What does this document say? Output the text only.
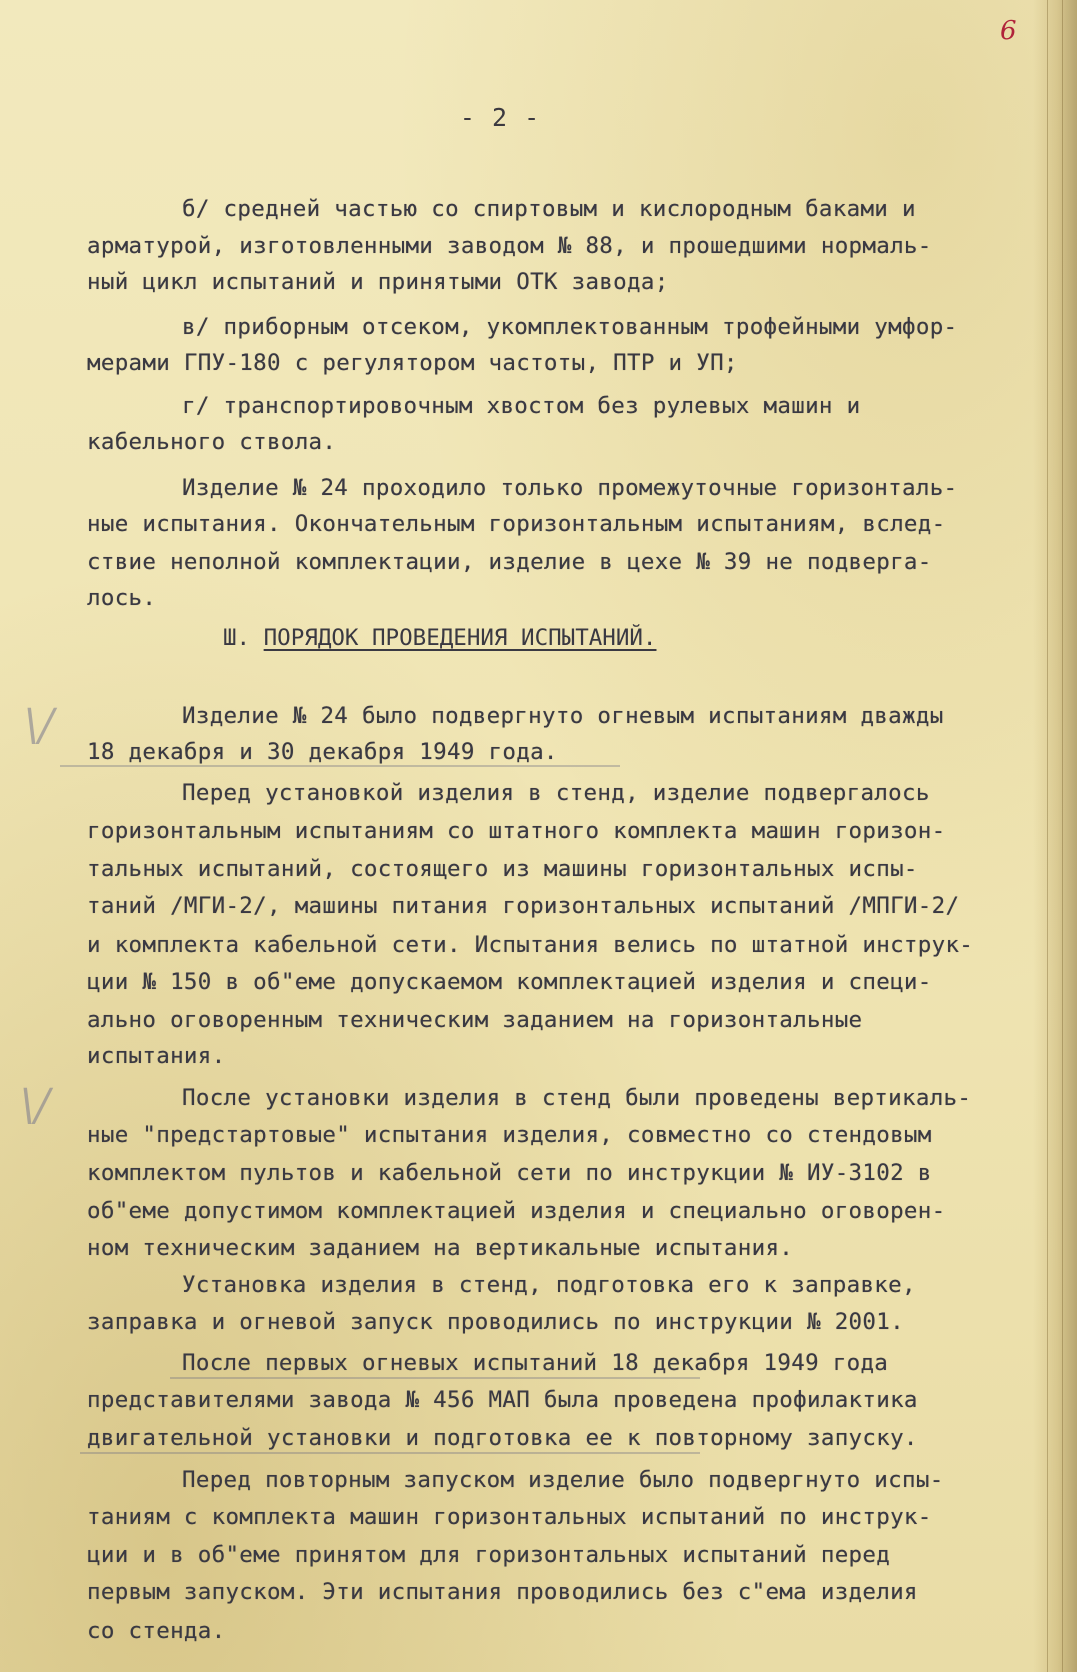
6
- 2 -
\/
\/
б/ средней частью со спиртовым и кислородным баками и
арматурой, изготовленными заводом № 88, и прошедшими нормаль-
ный цикл испытаний и принятыми ОТК завода;
в/ приборным отсеком, укомплектованным трофейными умфор-
мерами ГПУ-180 с регулятором частоты, ПТР и УП;
г/ транспортировочным хвостом без рулевых машин и
кабельного ствола.
Изделие № 24 проходило только промежуточные горизонталь-
ные испытания. Окончательным горизонтальным испытаниям, вслед-
ствие неполной комплектации, изделие в цехе № 39 не подверга-
лось.
Ш. ПОРЯДОК ПРОВЕДЕНИЯ ИСПЫТАНИЙ.
Изделие № 24 было подвергнуто огневым испытаниям дважды
18 декабря и 30 декабря 1949 года.
Перед установкой изделия в стенд, изделие подвергалось
горизонтальным испытаниям со штатного комплекта машин горизон-
тальных испытаний, состоящего из машины горизонтальных испы-
таний /МГИ-2/, машины питания горизонтальных испытаний /МПГИ-2/
и комплекта кабельной сети. Испытания велись по штатной инструк-
ции № 150 в об"еме допускаемом комплектацией изделия и специ-
ально оговоренным техническим заданием на горизонтальные
испытания.
После установки изделия в стенд были проведены вертикаль-
ные "предстартовые" испытания изделия, совместно со стендовым
комплектом пультов и кабельной сети по инструкции № ИУ-3102 в
об"еме допустимом комплектацией изделия и специально оговорен-
ном техническим заданием на вертикальные испытания.
Установка изделия в стенд, подготовка его к заправке,
заправка и огневой запуск проводились по инструкции № 2001.
После первых огневых испытаний 18 декабря 1949 года
представителями завода № 456 МАП была проведена профилактика
двигательной установки и подготовка ее к повторному запуску.
Перед повторным запуском изделие было подвергнуто испы-
таниям с комплекта машин горизонтальных испытаний по инструк-
ции и в об"еме принятом для горизонтальных испытаний перед
первым запуском. Эти испытания проводились без с"ема изделия
со стенда.
